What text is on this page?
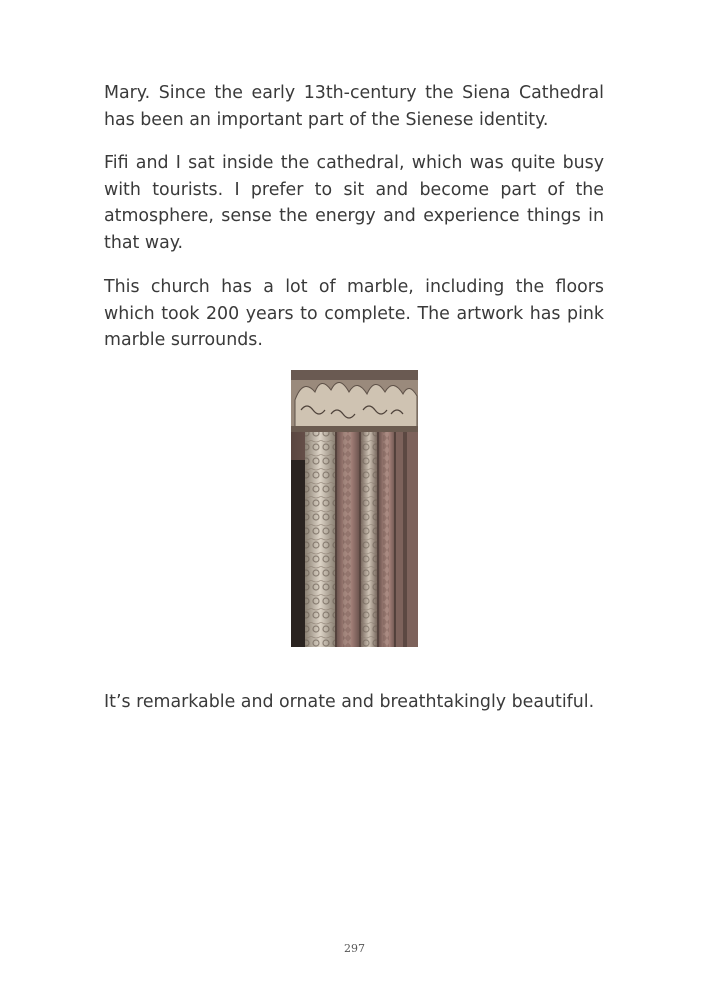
Mary. Since the early 13th-century the Siena Cathedral has been an important part of the Sienese identity.

Fifi and I sat inside the cathedral, which was quite busy with tourists. I prefer to sit and become part of the atmosphere, sense the energy and experience things in that way.

This church has a lot of marble, including the floors which took 200 years to complete. The artwork has pink marble surrounds.

It’s remarkable and ornate and breathtakingly beautiful.

297
